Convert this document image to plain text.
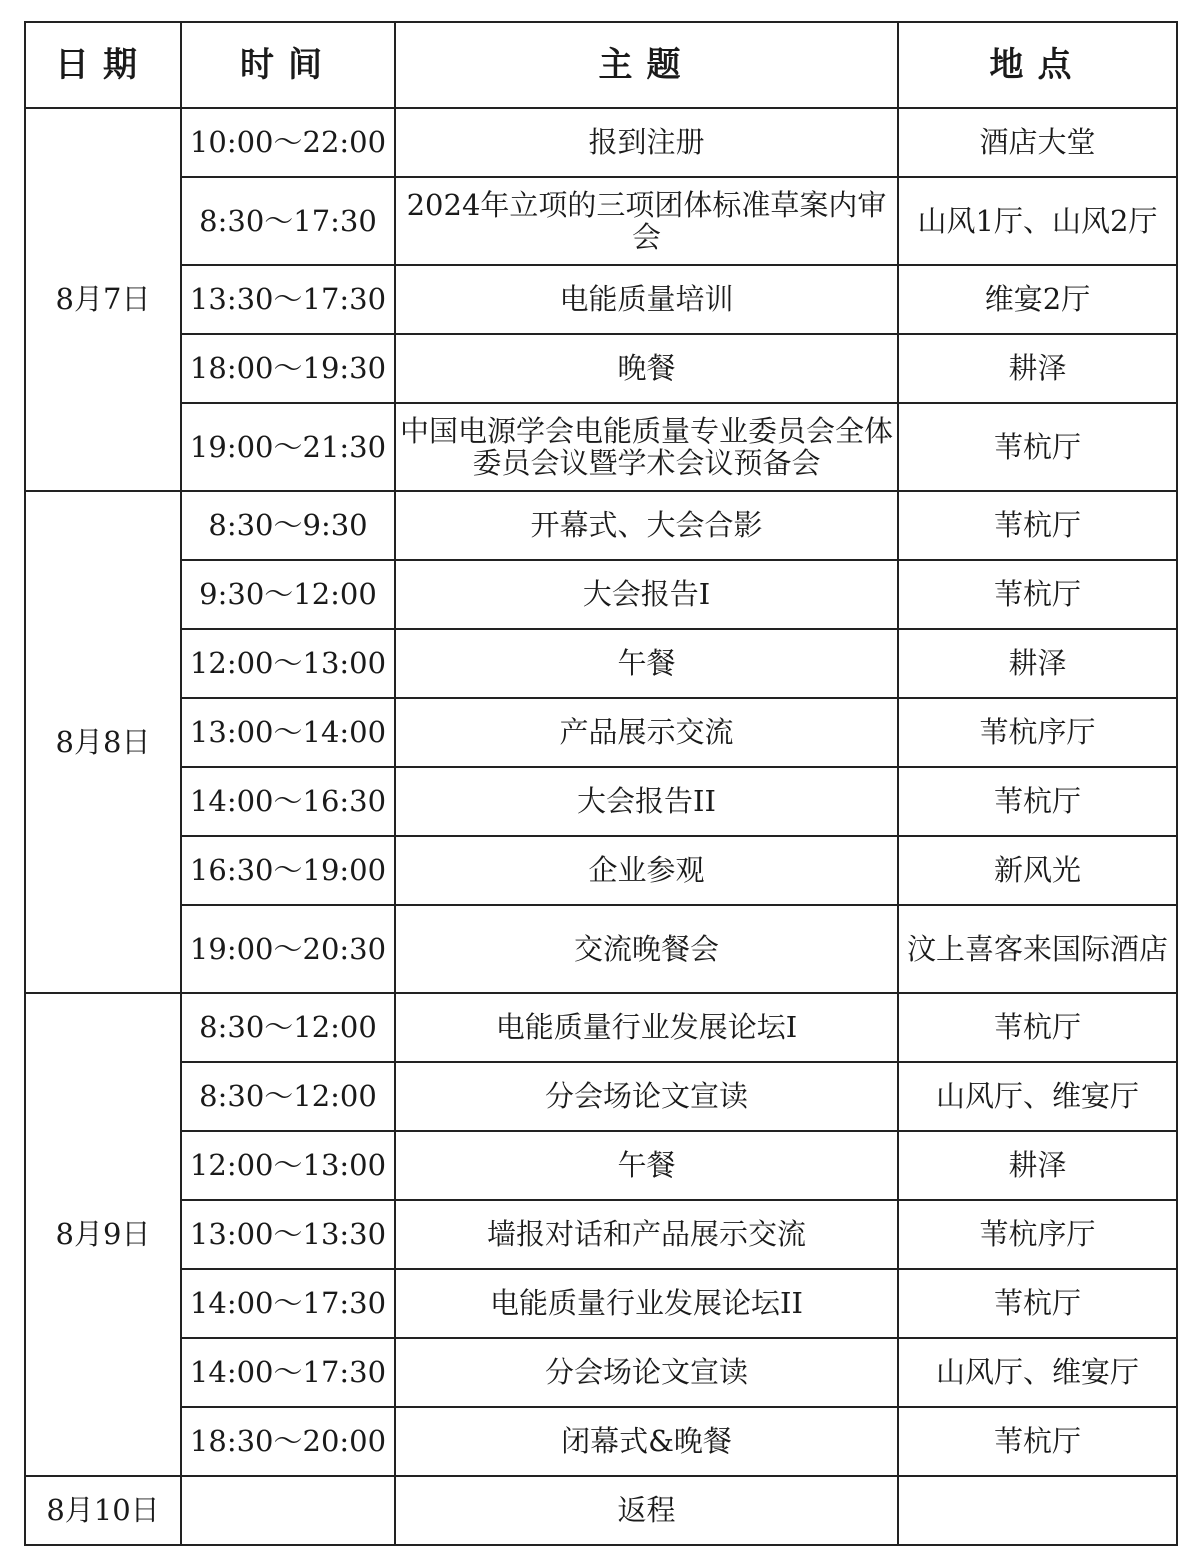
日期	时间	主题	地点
8月7日	10:00～22:00	报到注册	酒店大堂
	8:30～17:30	2024年立项的三项团体标准草案内审会	山风1厅、山风2厅
	13:30～17:30	电能质量培训	维宴2厅
	18:00～19:30	晚餐	耕泽
	19:00～21:30	中国电源学会电能质量专业委员会全体委员会议暨学术会议预备会	苇杭厅
8月8日	8:30～9:30	开幕式、大会合影	苇杭厅
	9:30～12:00	大会报告I	苇杭厅
	12:00～13:00	午餐	耕泽
	13:00～14:00	产品展示交流	苇杭序厅
	14:00～16:30	大会报告II	苇杭厅
	16:30～19:00	企业参观	新风光
	19:00～20:30	交流晚餐会	汶上喜客来国际酒店
8月9日	8:30～12:00	电能质量行业发展论坛I	苇杭厅
	8:30～12:00	分会场论文宣读	山风厅、维宴厅
	12:00～13:00	午餐	耕泽
	13:00～13:30	墙报对话和产品展示交流	苇杭序厅
	14:00～17:30	电能质量行业发展论坛II	苇杭厅
	14:00～17:30	分会场论文宣读	山风厅、维宴厅
	18:30～20:00	闭幕式&晚餐	苇杭厅
8月10日		返程	
